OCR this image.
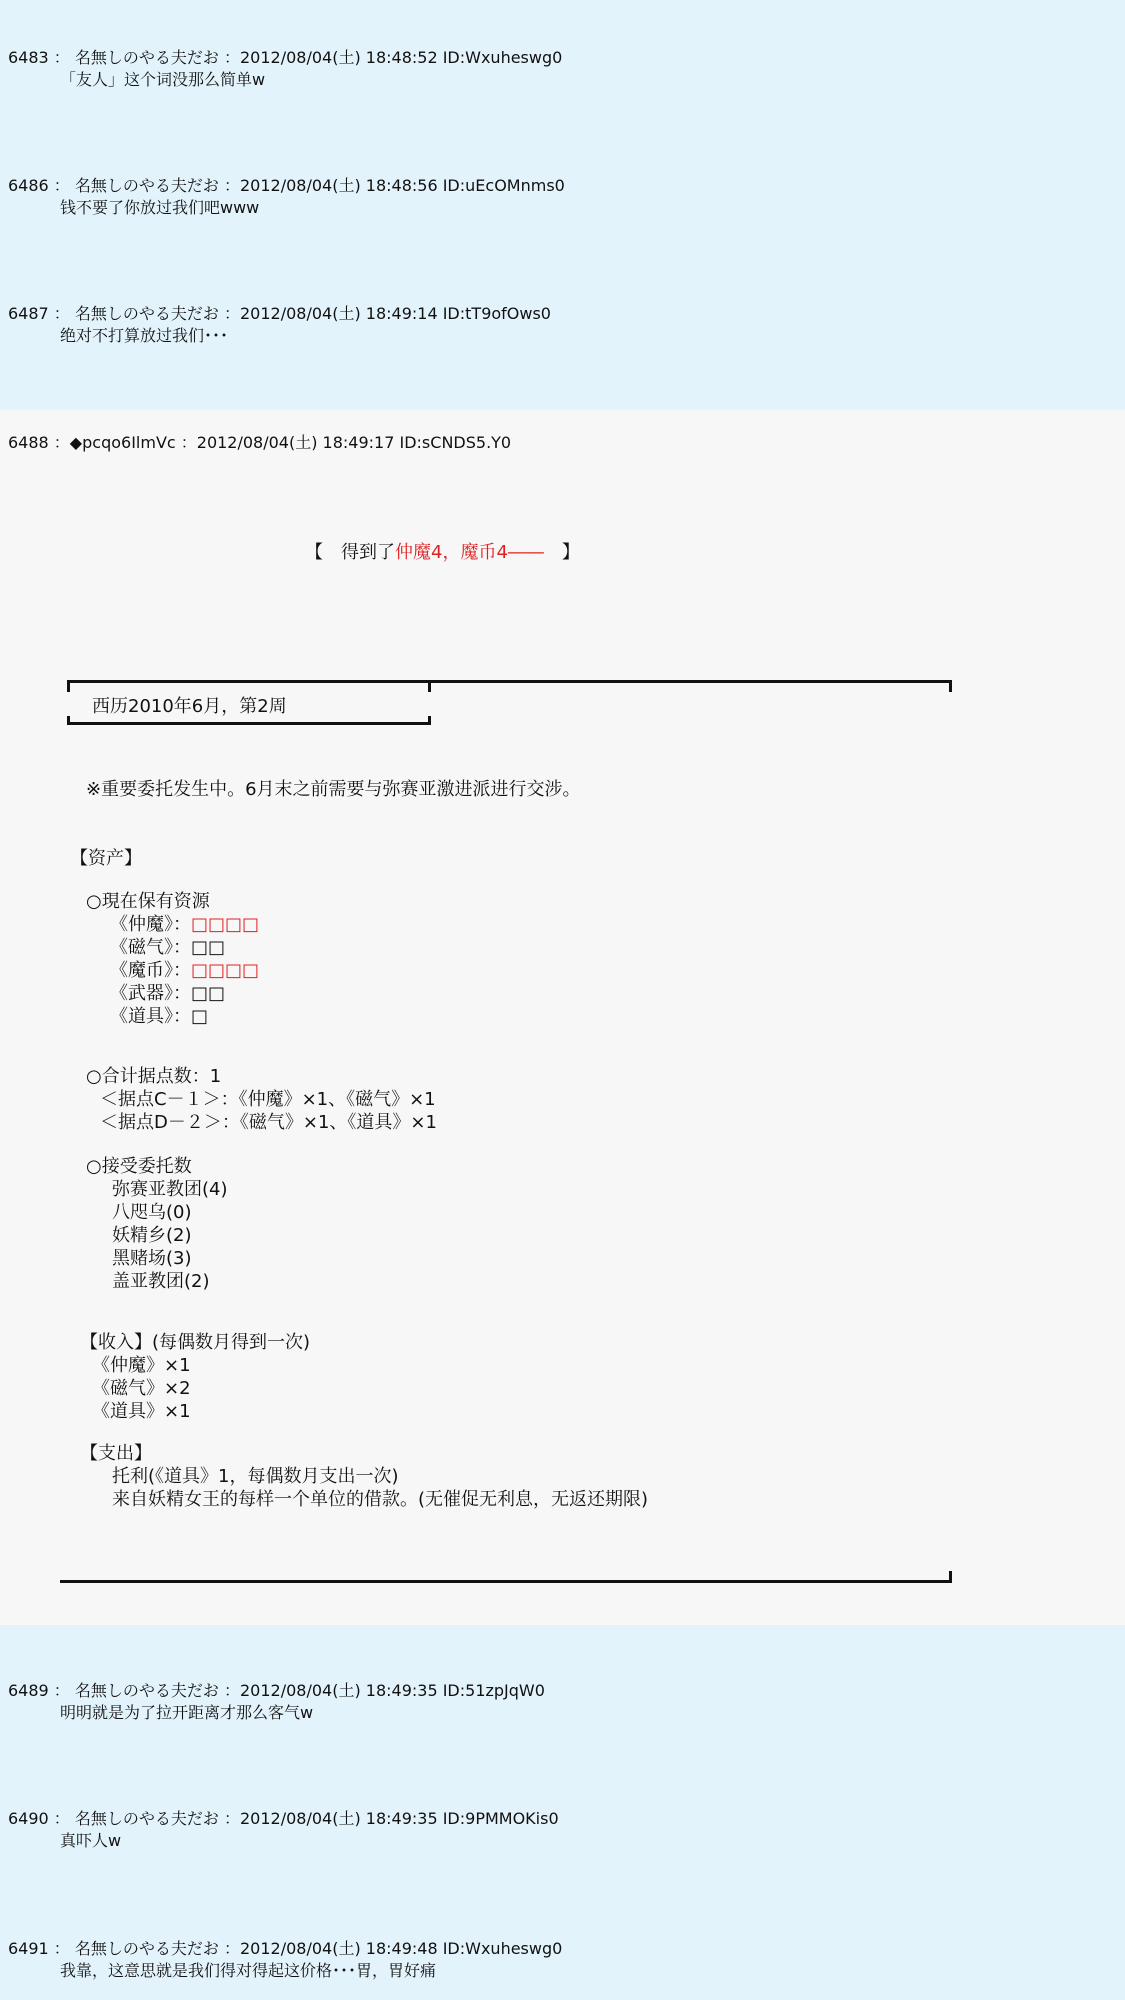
6483 ： 名無しのやる夫だお ：2012/08/04(土) 18:48:52 ID:Wxuheswg0
「友人」这个词没那么简单w
6486 ： 名無しのやる夫だお ：2012/08/04(土) 18:48:56 ID:uEcOMnms0
钱不要了你放过我们吧www
6487 ： 名無しのやる夫だお ：2012/08/04(土) 18:49:14 ID:tT9ofOws0
绝对不打算放过我们･･･
6488 ：◆pcqo6IlmVc ：2012/08/04(土) 18:49:17 ID:sCNDS5.Y0
【　得到了仲魔4，魔币4――　】
西历2010年6月，第2周
※重要委托发生中。6月末之前需要与弥赛亚激进派进行交涉。
【资产】
○現在保有资源
《仲魔》：□□□□
《磁气》：□□
《魔币》：□□□□
《武器》：□□
《道具》：□
○合计据点数：1
＜据点C－１＞：《仲魔》×1、《磁气》×1
＜据点D－２＞：《磁气》×1、《道具》×1
○接受委托数
弥赛亚教团(4)
八咫乌(0)
妖精乡(2)
黑赌场(3)
盖亚教团(2)
【收入】(每偶数月得到一次)
《仲魔》×1
《磁气》×2
《道具》×1
【支出】
托利(《道具》1，每偶数月支出一次)
来自妖精女王的每样一个单位的借款。(无催促无利息，无返还期限)
6489 ： 名無しのやる夫だお ：2012/08/04(土) 18:49:35 ID:51zpJqW0
明明就是为了拉开距离才那么客气w
6490 ： 名無しのやる夫だお ：2012/08/04(土) 18:49:35 ID:9PMMOKis0
真吓人w
6491 ： 名無しのやる夫だお ：2012/08/04(土) 18:49:48 ID:Wxuheswg0
我靠，这意思就是我们得对得起这价格･･･胃，胃好痛
